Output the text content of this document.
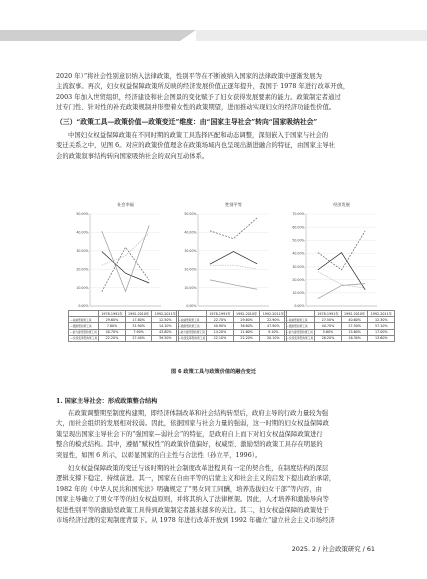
2020 年）”将社会性别意识纳入法律政策，性别平等在不断被纳入国家的法律政策中逐渐发展为
主流叙事。再次，妇女权益保障政策所反映的经济发展价值正逐年提升，我国于 1978 年进行改革开放，
2003 年加入世贸组织，经济建设和社会图景的变化赋予了妇女获得发展要素的能力。政策制定者通过
过专门性、针对性的补充政策规制并形塑着女性的政策期望，进而推动实现妇女的经济功能性价值。
（三）“政策工具—政策价值—政策变迁”维度：由“国家主导社会”转向“国家吸纳社会”
中国妇女权益保障政策在不同时期的政策工具选择匹配和动态调整，深刻嵌入于国家与社会的
变迁关系之中，见图 6。对应的政策价值理念在政策场域内也呈现出渐进融合的特征，由国家主导社
会的政策叙事结构转向国家吸纳社会的双向互动体系。
社会幸福
50.00%
40.00%
30.00%
20.00%
10.00%
0.00%
	1978-1991年	1992-2010年	1992-2011年
—权威型政策工具	29.60%	17.80%	12.50%
---激励型政策工具	7.80%	31.90%	14.10%
—能力建设型政策工具	40.70%	7.90%	43.80%
---系统变革型政策工具	22.20%	27.40%	39.50%
性别平等
50.00%
40.00%
30.00%
20.00%
10.00%
0.00%
	1978-1991年	1992-2010年	1992-2011年
—权威型政策工具	22.70%	29.60%	22.90%
---激励型政策工具	40.90%	36.60%	47.90%
—能力建设型政策工具	14.20%	11.60%	9.10%
---系统变革型政策工具	22.10%	22.20%	20.10%
经济发展
70.00%
60.00%
50.00%
40.00%
30.00%
20.00%
10.00%
0.00%
	1978-1991年	1992-2010年	1992-2011年
—权威型政策工具	27.50%	40.60%	12.30%
---激励型政策工具	40.70%	27.50%	57.10%
—能力建设型政策工具	5.60%	15.60%	17.00%
---系统变革型政策工具	26.20%	16.30%	13.60%
图 6 政策工具与政策价值的融合变迁
1. 国家主导社会：形成政策整合结构
在政策调整期至制度构建期，即经济体制改革和社会结构转型后，政府主导的行政力量较为强
大，而社会组织的发展相对较弱。因此，依据国家与社会力量的强弱，这一时期的妇女权益保障政
策呈现出国家主导社会下的“强国家—弱社会”的特征，是政府自上而下对妇女权益保障政策进行
整合的模式结构。其中，遵循“赋权性”的政策价值偏好，权威型、激励型的政策工具存在明显的
突显性，如图 6 所示，以彰显国家的自主性与合法性（孙立平，1996）。
妇女权益保障政策的变迁与该时期的社会制度改革进程具有一定的契合性，在制度结构的深层
逻辑支撑下稳定、持续前进。其一，国家在自由平等的启蒙主义和社会主义的启发下提出政治承诺，
1982 年的《中华人民共和国宪法》明确规定了“男女同工同酬，培养选拔妇女干部”等内容，由
国家主导确立了男女平等的妇女权益原则，并将其纳入了法律框架。因此，人才培养和激励导向等
促进性别平等的激励型政策工具得到政策制定者越来越多的关注。其二，妇女权益保障的政策处于
市场经济过渡的宏观制度背景下。从 1978 年进行改革开放到 1992 年确立“建立社会主义市场经济
2025. 2 / 社会政策研究 / 61
